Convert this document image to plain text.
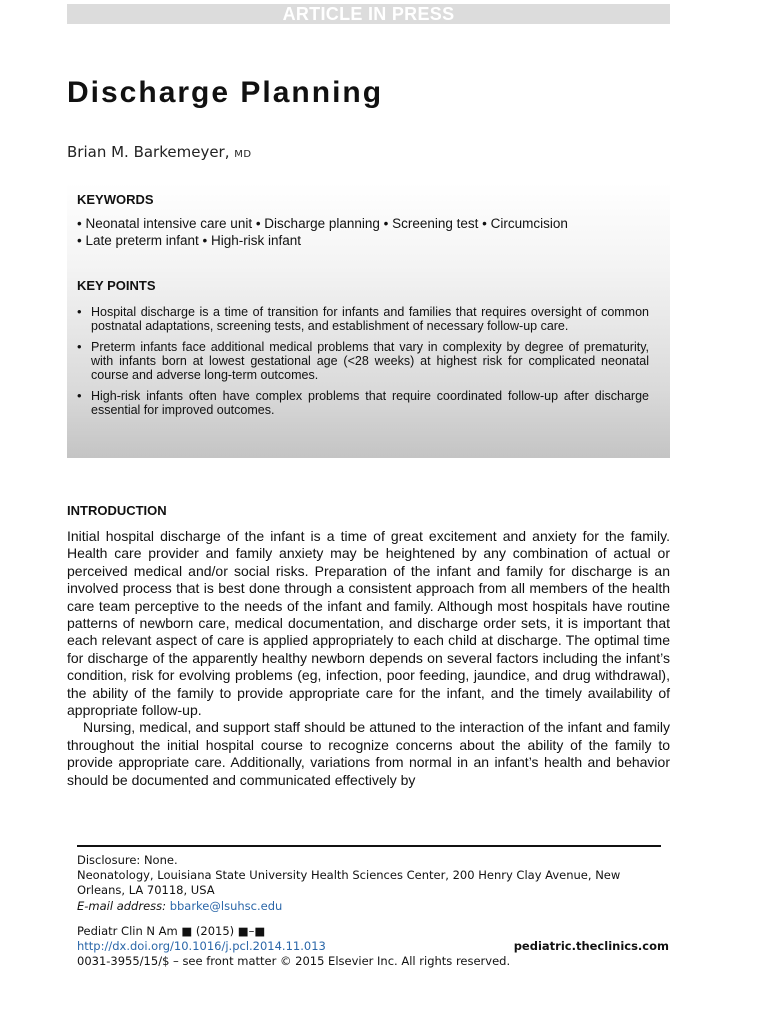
ARTICLE IN PRESS
Discharge Planning
Brian M. Barkemeyer, MD
KEYWORDS
• Neonatal intensive care unit • Discharge planning • Screening test • Circumcision
• Late preterm infant • High-risk infant
KEY POINTS
• Hospital discharge is a time of transition for infants and families that requires oversight of common postnatal adaptations, screening tests, and establishment of necessary follow-up care.
• Preterm infants face additional medical problems that vary in complexity by degree of prematurity, with infants born at lowest gestational age (<28 weeks) at highest risk for complicated neonatal course and adverse long-term outcomes.
• High-risk infants often have complex problems that require coordinated follow-up after discharge essential for improved outcomes.
INTRODUCTION

Initial hospital discharge of the infant is a time of great excitement and anxiety for the family. Health care provider and family anxiety may be heightened by any combination of actual or perceived medical and/or social risks. Preparation of the infant and family for discharge is an involved process that is best done through a consistent approach from all members of the health care team perceptive to the needs of the infant and family. Although most hospitals have routine patterns of newborn care, medical documentation, and discharge order sets, it is important that each relevant aspect of care is applied appropriately to each child at discharge. The optimal time for discharge of the apparently healthy newborn depends on several factors including the infant’s condition, risk for evolving problems (eg, infection, poor feeding, jaundice, and drug withdrawal), the ability of the family to provide appropriate care for the infant, and the timely availability of appropriate follow-up.

Nursing, medical, and support staff should be attuned to the interaction of the infant and family throughout the initial hospital course to recognize concerns about the ability of the family to provide appropriate care. Additionally, variations from normal in an infant’s health and behavior should be documented and communicated effectively by

Disclosure: None.
Neonatology, Louisiana State University Health Sciences Center, 200 Henry Clay Avenue, New
Orleans, LA 70118, USA
E-mail address: bbarke@lsuhsc.edu
Pediatr Clin N Am ■ (2015) ■–■
http://dx.doi.org/10.1016/j.pcl.2014.11.013	pediatric.theclinics.com
0031-3955/15/$ – see front matter © 2015 Elsevier Inc. All rights reserved.
